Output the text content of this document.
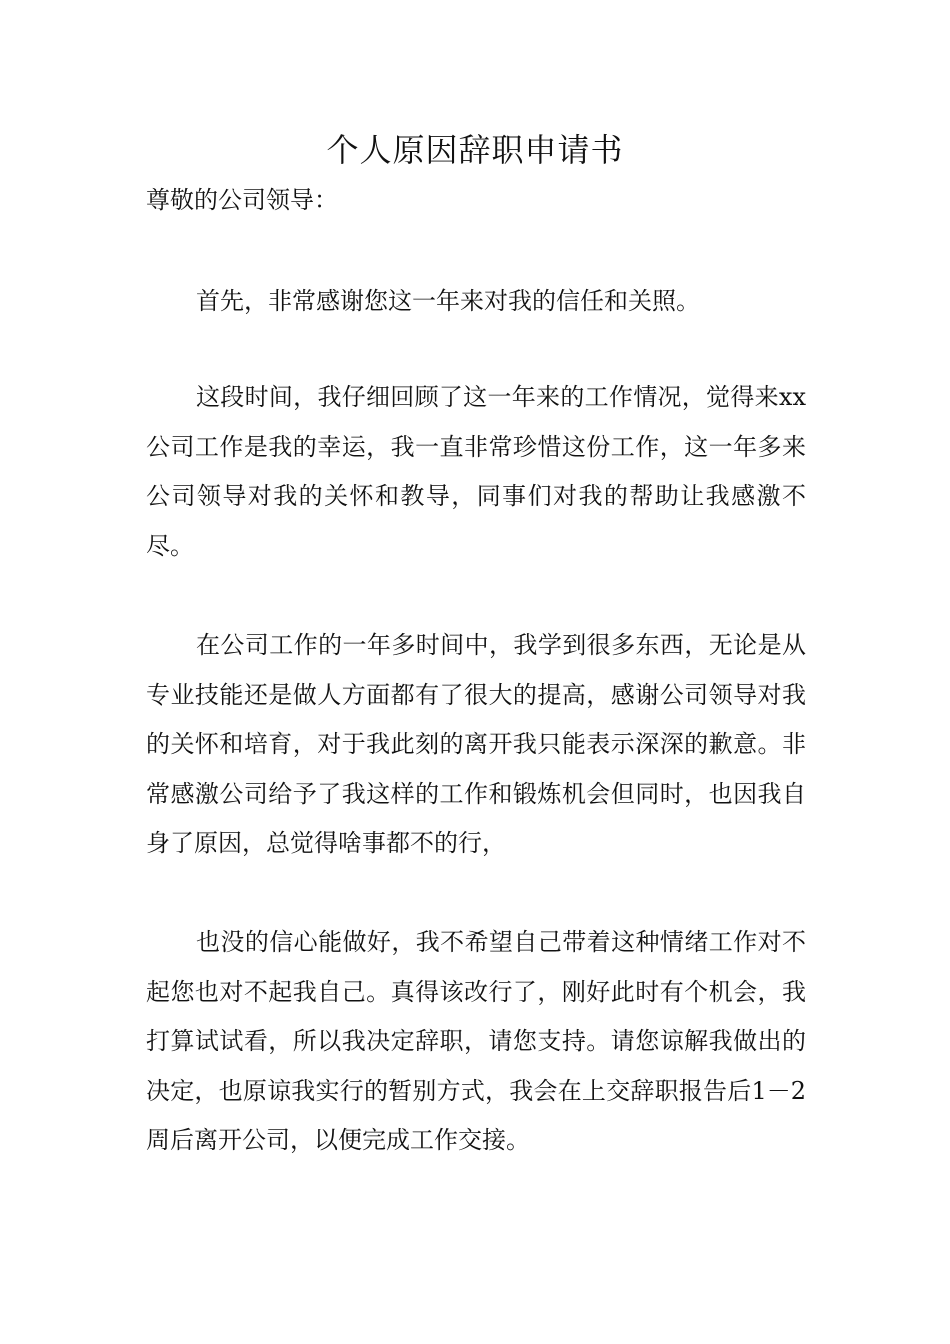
个人原因辞职申请书

尊敬的公司领导：

首先，非常感谢您这一年来对我的信任和关照。

这段时间，我仔细回顾了这一年来的工作情况，觉得来xx公司工作是我的幸运，我一直非常珍惜这份工作，这一年多来公司领导对我的关怀和教导，同事们对我的帮助让我感激不尽。

在公司工作的一年多时间中，我学到很多东西，无论是从专业技能还是做人方面都有了很大的提高，感谢公司领导对我的关怀和培育，对于我此刻的离开我只能表示深深的歉意。非常感激公司给予了我这样的工作和锻炼机会但同时，也因我自身了原因，总觉得啥事都不的行，

也没的信心能做好，我不希望自己带着这种情绪工作对不起您也对不起我自己。真得该改行了，刚好此时有个机会，我打算试试看，所以我决定辞职，请您支持。请您谅解我做出的决定，也原谅我实行的暂别方式，我会在上交辞职报告后1－2周后离开公司，以便完成工作交接。
